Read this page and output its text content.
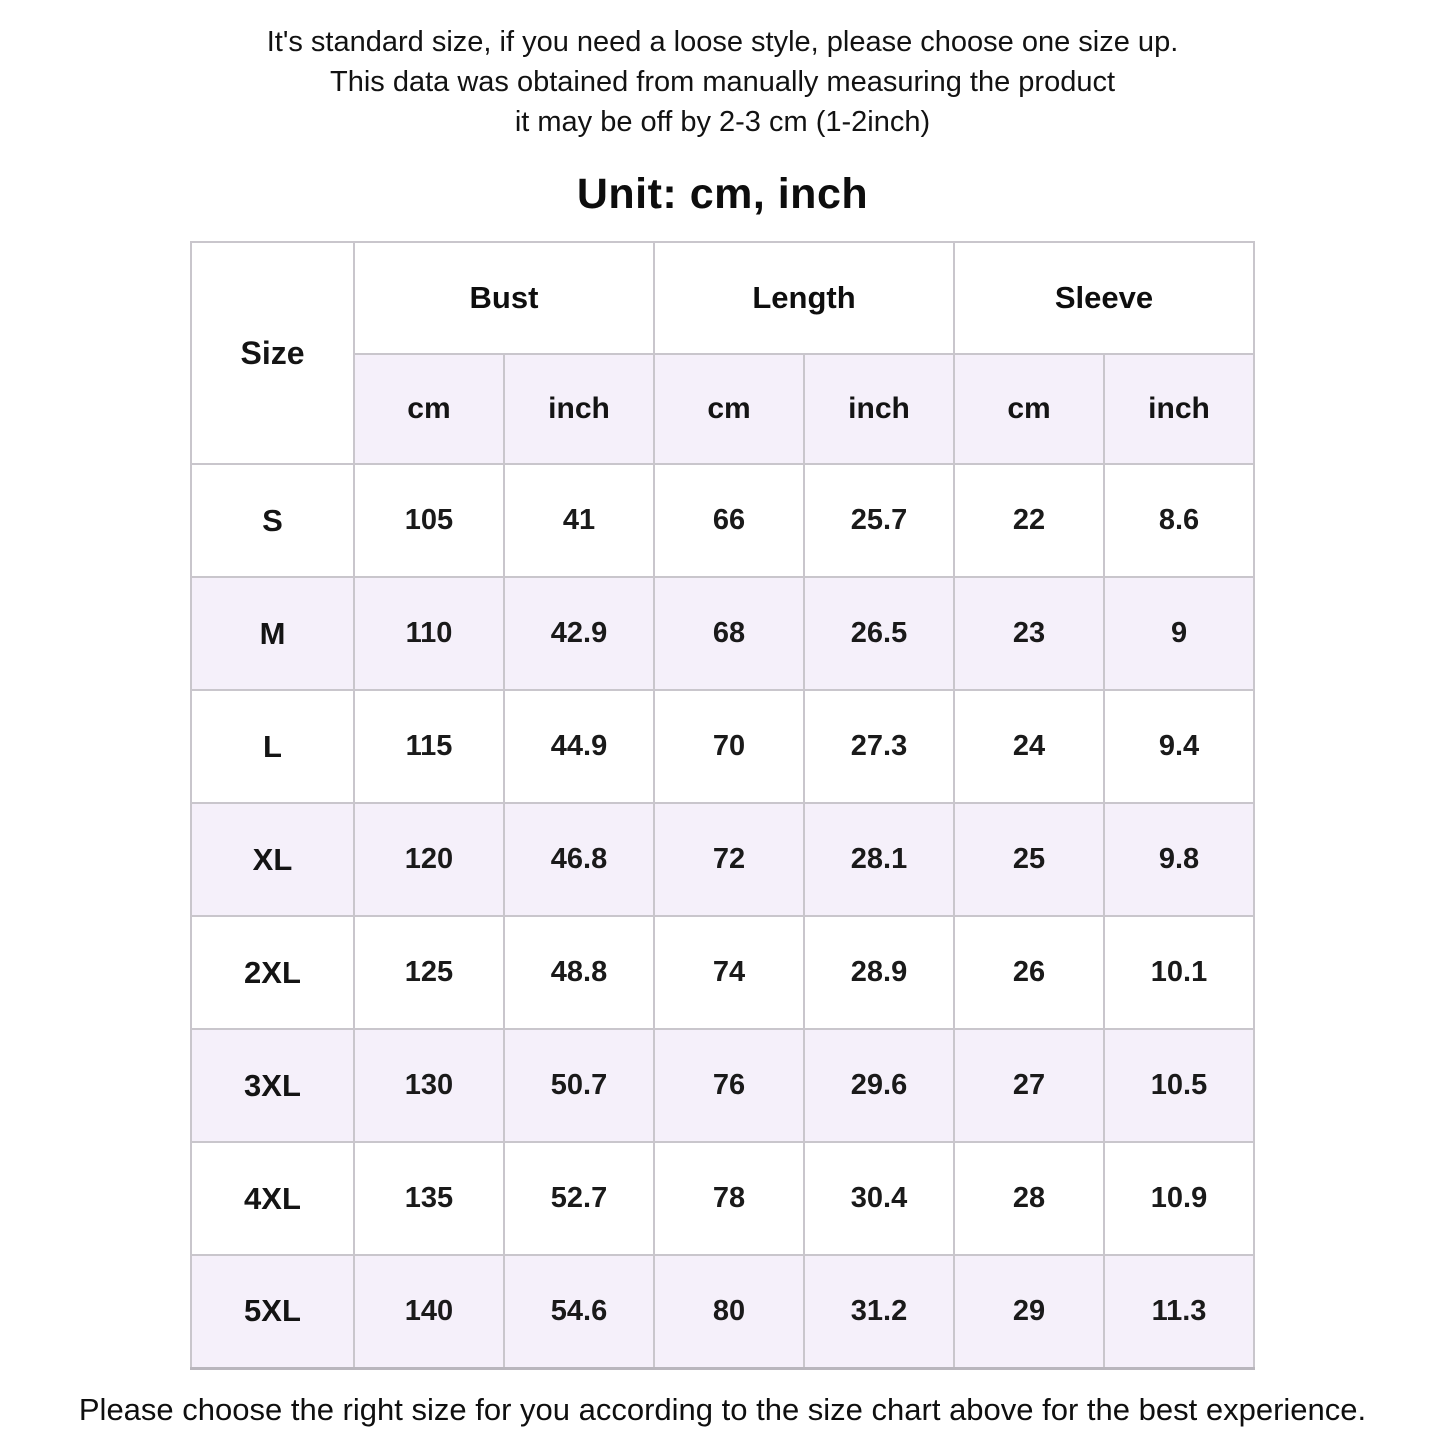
It's standard size, if you need a loose style, please choose one size up.

This data was obtained from manually measuring the product

it may be off by 2-3 cm (1-2inch)

Unit: cm, inch
Size	Bust		Length		Sleeve	
	cm	inch	cm	inch	cm	inch
S	105	41	66	25.7	22	8.6
M	110	42.9	68	26.5	23	9
L	115	44.9	70	27.3	24	9.4
XL	120	46.8	72	28.1	25	9.8
2XL	125	48.8	74	28.9	26	10.1
3XL	130	50.7	76	29.6	27	10.5
4XL	135	52.7	78	30.4	28	10.9
5XL	140	54.6	80	31.2	29	11.3

Please choose the right size for you according to the size chart above for the best experience.
